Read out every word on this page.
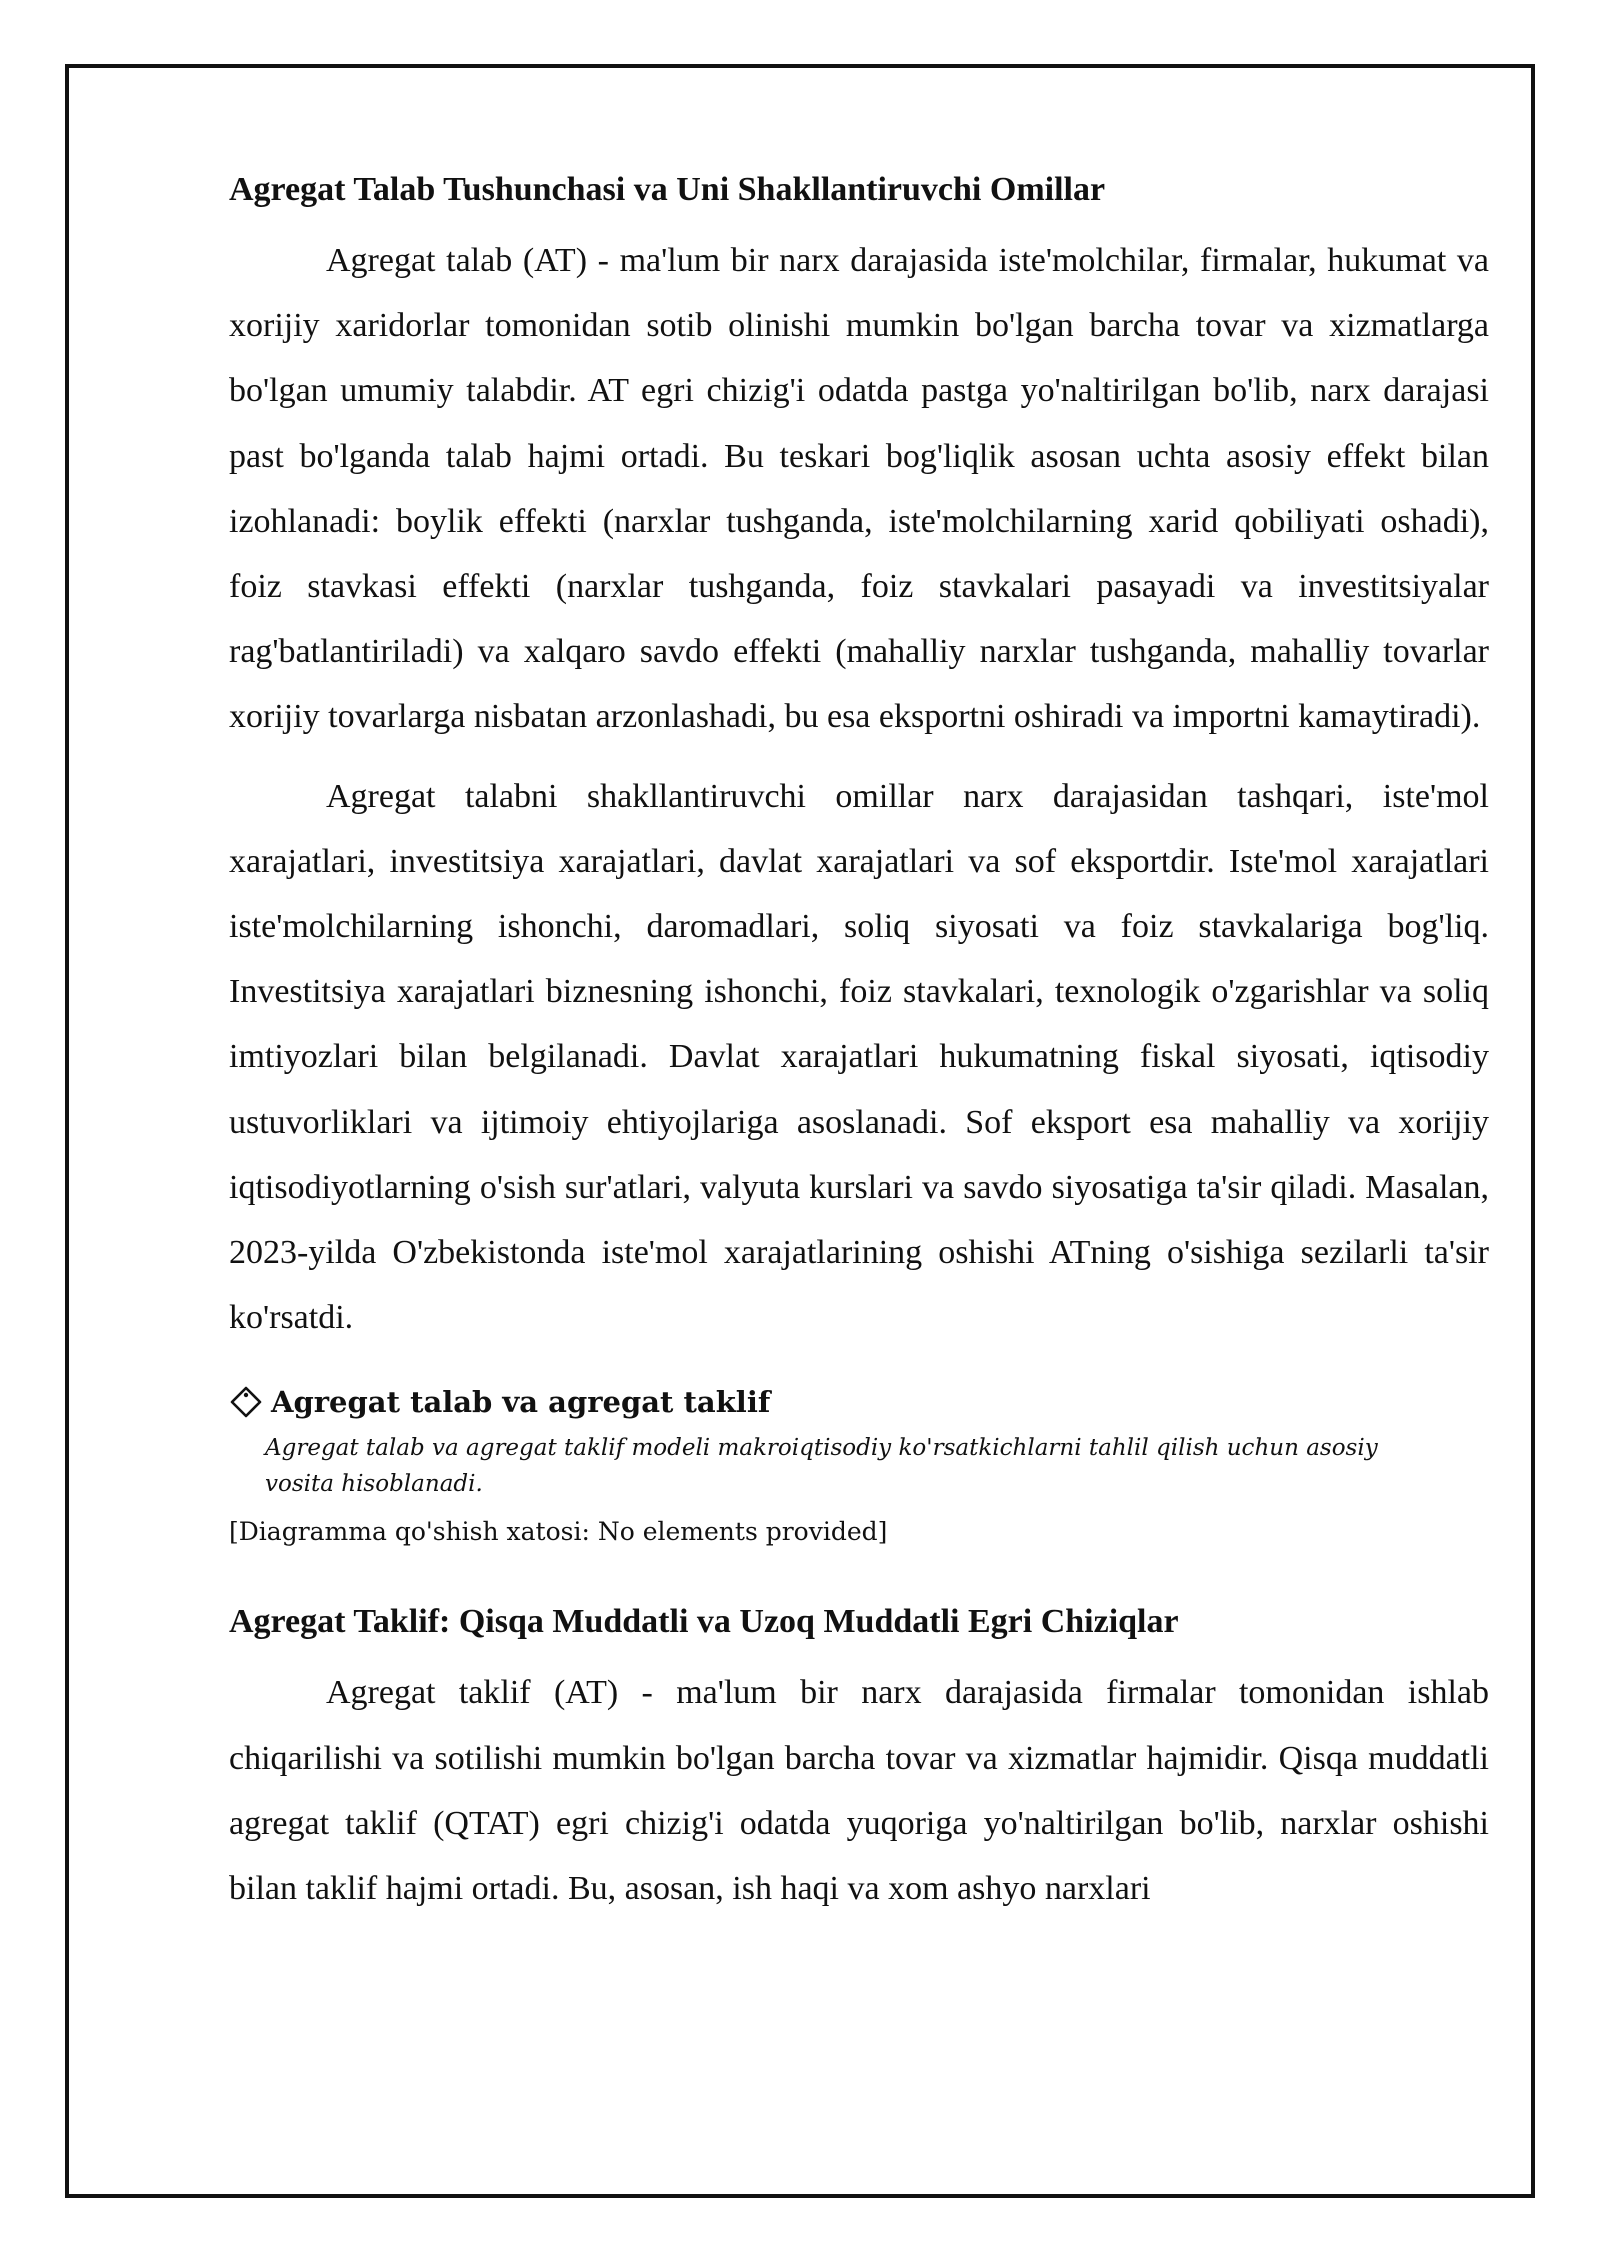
Agregat Talab Tushunchasi va Uni Shakllantiruvchi Omillar

Agregat talab (AT) - ma'lum bir narx darajasida iste'molchilar, firmalar, hukumat va xorijiy xaridorlar tomonidan sotib olinishi mumkin bo'lgan barcha tovar va xizmatlarga bo'lgan umumiy talabdir. AT egri chizig'i odatda pastga yo'naltirilgan bo'lib, narx darajasi past bo'lganda talab hajmi ortadi. Bu teskari bog'liqlik asosan uchta asosiy effekt bilan izohlanadi: boylik effekti (narxlar tushganda, iste'molchilarning xarid qobiliyati oshadi), foiz stavkasi effekti (narxlar tushganda, foiz stavkalari pasayadi va investitsiyalar rag'batlantiriladi) va xalqaro savdo effekti (mahalliy narxlar tushganda, mahalliy tovarlar xorijiy tovarlarga nisbatan arzonlashadi, bu esa eksportni oshiradi va importni kamaytiradi).

Agregat talabni shakllantiruvchi omillar narx darajasidan tashqari, iste'mol xarajatlari, investitsiya xarajatlari, davlat xarajatlari va sof eksportdir. Iste'mol xarajatlari iste'molchilarning ishonchi, daromadlari, soliq siyosati va foiz stavkalariga bog'liq. Investitsiya xarajatlari biznesning ishonchi, foiz stavkalari, texnologik o'zgarishlar va soliq imtiyozlari bilan belgilanadi. Davlat xarajatlari hukumatning fiskal siyosati, iqtisodiy ustuvorliklari va ijtimoiy ehtiyojlariga asoslanadi. Sof eksport esa mahalliy va xorijiy iqtisodiyotlarning o'sish sur'atlari, valyuta kurslari va savdo siyosatiga ta'sir qiladi. Masalan, 2023-yilda O'zbekistonda iste'mol xarajatlarining oshishi ATning o'sishiga sezilarli ta'sir ko'rsatdi.

Agregat talab va agregat taklif
Agregat talab va agregat taklif modeli makroiqtisodiy ko'rsatkichlarni tahlil qilish uchun asosiy vosita hisoblanadi.
[Diagramma qo'shish xatosi: No elements provided]
Agregat Taklif: Qisqa Muddatli va Uzoq Muddatli Egri Chiziqlar

Agregat taklif (AT) - ma'lum bir narx darajasida firmalar tomonidan ishlab chiqarilishi va sotilishi mumkin bo'lgan barcha tovar va xizmatlar hajmidir. Qisqa muddatli agregat taklif (QTAT) egri chizig'i odatda yuqoriga yo'naltirilgan bo'lib, narxlar oshishi bilan taklif hajmi ortadi. Bu, asosan, ish haqi va xom ashyo narxlari
